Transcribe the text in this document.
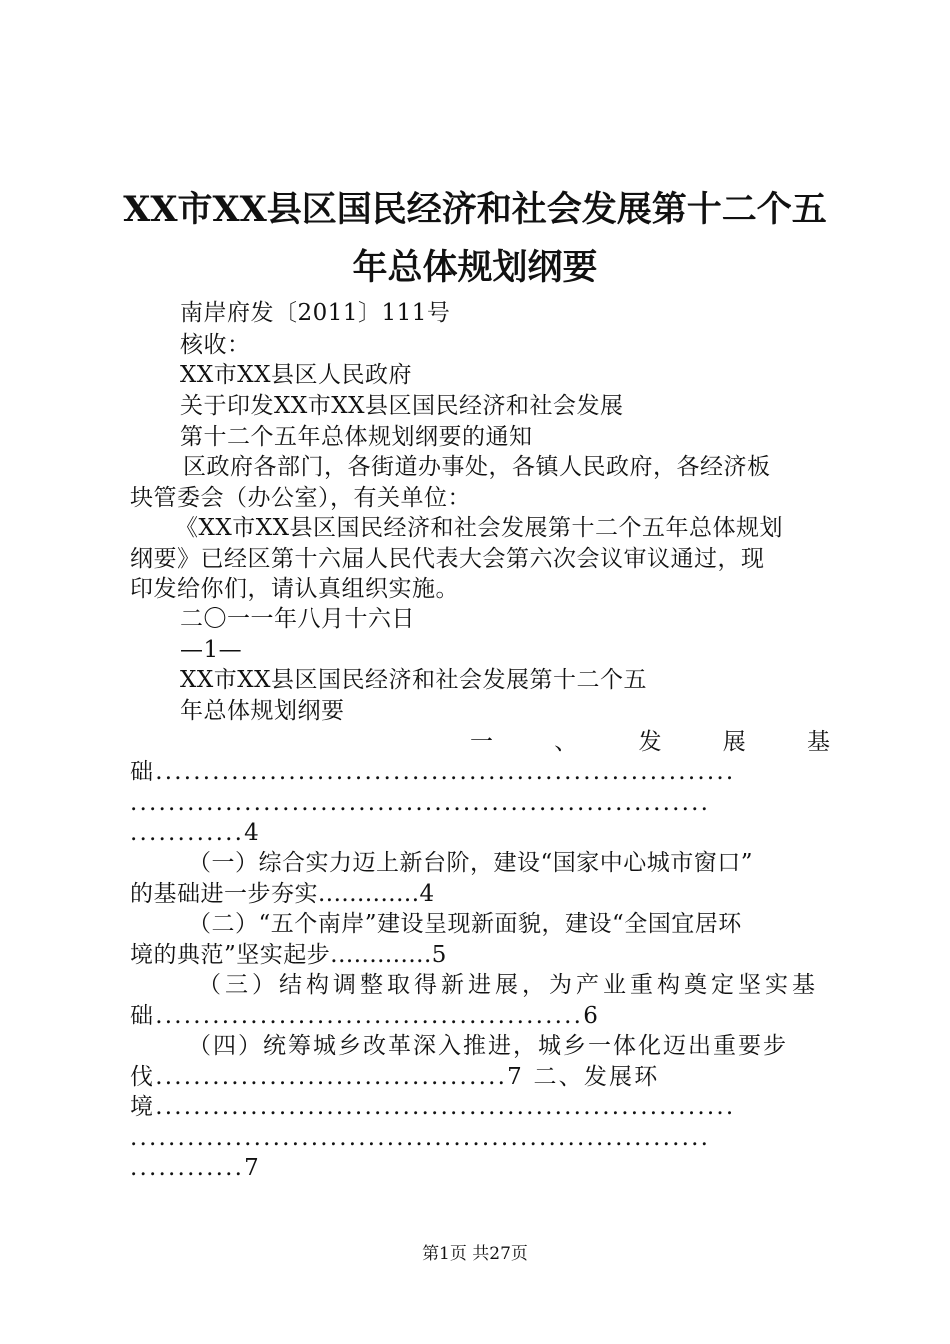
XX市XX县区国民经济和社会发展第十二个五
年总体规划纲要
南岸府发〔2011〕111号
核收：
XX市XX县区人民政府
关于印发XX市XX县区国民经济和社会发展
第十二个五年总体规划纲要的通知
区政府各部门，各街道办事处，各镇人民政府，各经济板
块管委会（办公室），有关单位：
《XX市XX县区国民经济和社会发展第十二个五年总体规划
纲要》已经区第十六届人民代表大会第六次会议审议通过，现
印发给你们，请认真组织实施。
二〇一一年八月十六日
—1—
XX市XX县区国民经济和社会发展第十二个五
年总体规划纲要
一	、	发	展	基
础.............................................................
.............................................................
............4
（一）综合实力迈上新台阶，建设“国家中心城市窗口”
的基础进一步夯实.............4
（二）“五个南岸”建设呈现新面貌，建设“全国宜居环
境的典范”坚实起步.............5
（三）结构调整取得新进展，为产业重构奠定坚实基
础.............................................6
（四）统筹城乡改革深入推进，城乡一体化迈出重要步
伐.....................................7 二、发展环
境.............................................................
.............................................................
............7
第1页 共27页
